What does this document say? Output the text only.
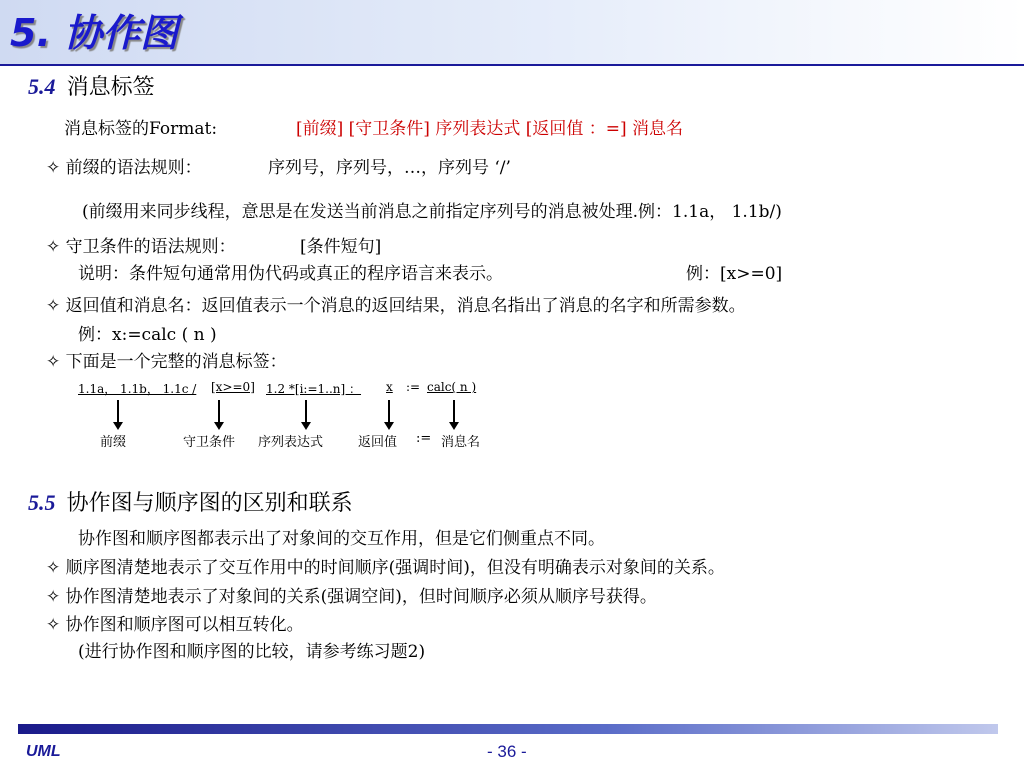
5. 协作图
5.4 消息标签
消息标签的Format:	[前缀] [守卫条件] 序列表达式 [返回值 ：=] 消息名
✧ 前缀的语法规则：	序列号，序列号，…，序列号 ‘/’
(前缀用来同步线程，意思是在发送当前消息之前指定序列号的消息被处理.例：1.1a， 1.1b/)
✧ 守卫条件的语法规则：	[条件短句]
说明：条件短句通常用伪代码或真正的程序语言来表示。	例：[x>=0]
✧ 返回值和消息名：返回值表示一个消息的返回结果，消息名指出了消息的名字和所需参数。
例：x:=calc ( n )
✧ 下面是一个完整的消息标签：
1.1a， 1.1b， 1.1c / [x>=0] 1.2 *[i:=1..n] ： x := calc( n )
前缀	守卫条件 序列表达式	返回值 := 消息名
5.5 协作图与顺序图的区别和联系
协作图和顺序图都表示出了对象间的交互作用，但是它们侧重点不同。
✧ 顺序图清楚地表示了交互作用中的时间顺序(强调时间)，但没有明确表示对象间的关系。
✧ 协作图清楚地表示了对象间的关系(强调空间)，但时间顺序必须从顺序号获得。
✧ 协作图和顺序图可以相互转化。
(进行协作图和顺序图的比较，请参考练习题2)
UML	- 36 -
